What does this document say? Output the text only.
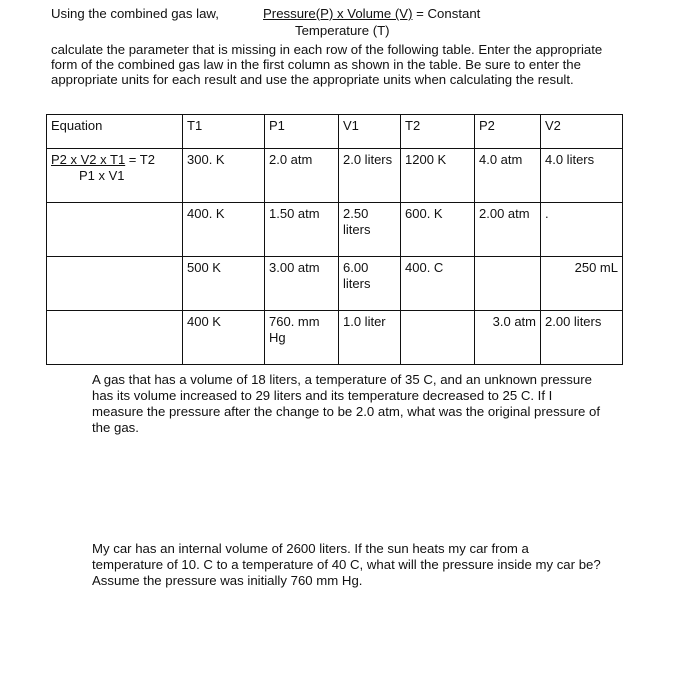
Using the combined gas law,	Pressure(P) x Volume (V) = Constant
Temperature (T)
calculate the parameter that is missing in each row of the following table. Enter the appropriate form of the combined gas law in the first column as shown in the table. Be sure to enter the appropriate units for each result and use the appropriate units when calculating the result.
Equation	T1	P1	V1	T2	P2	V2

P2 x V2 x T1 = T2
P1 x V1	300. K	2.0 atm	2.0 liters	1200 K	4.0 atm	4.0 liters
	400. K	1.50 atm	2.50 liters	600. K	2.00 atm	.
	500 K	3.00 atm	6.00 liters	400. C		250 mL
	400 K	760. mm Hg	1.0 liter		3.0 atm	2.00 liters
A gas that has a volume of 18 liters, a temperature of 35 C, and an unknown pressure has its volume increased to 29 liters and its temperature decreased to 25 C. If I measure the pressure after the change to be 2.0 atm, what was the original pressure of the gas.
My car has an internal volume of 2600 liters. If the sun heats my car from a temperature of 10. C to a temperature of 40 C, what will the pressure inside my car be? Assume the pressure was initially 760 mm Hg.
